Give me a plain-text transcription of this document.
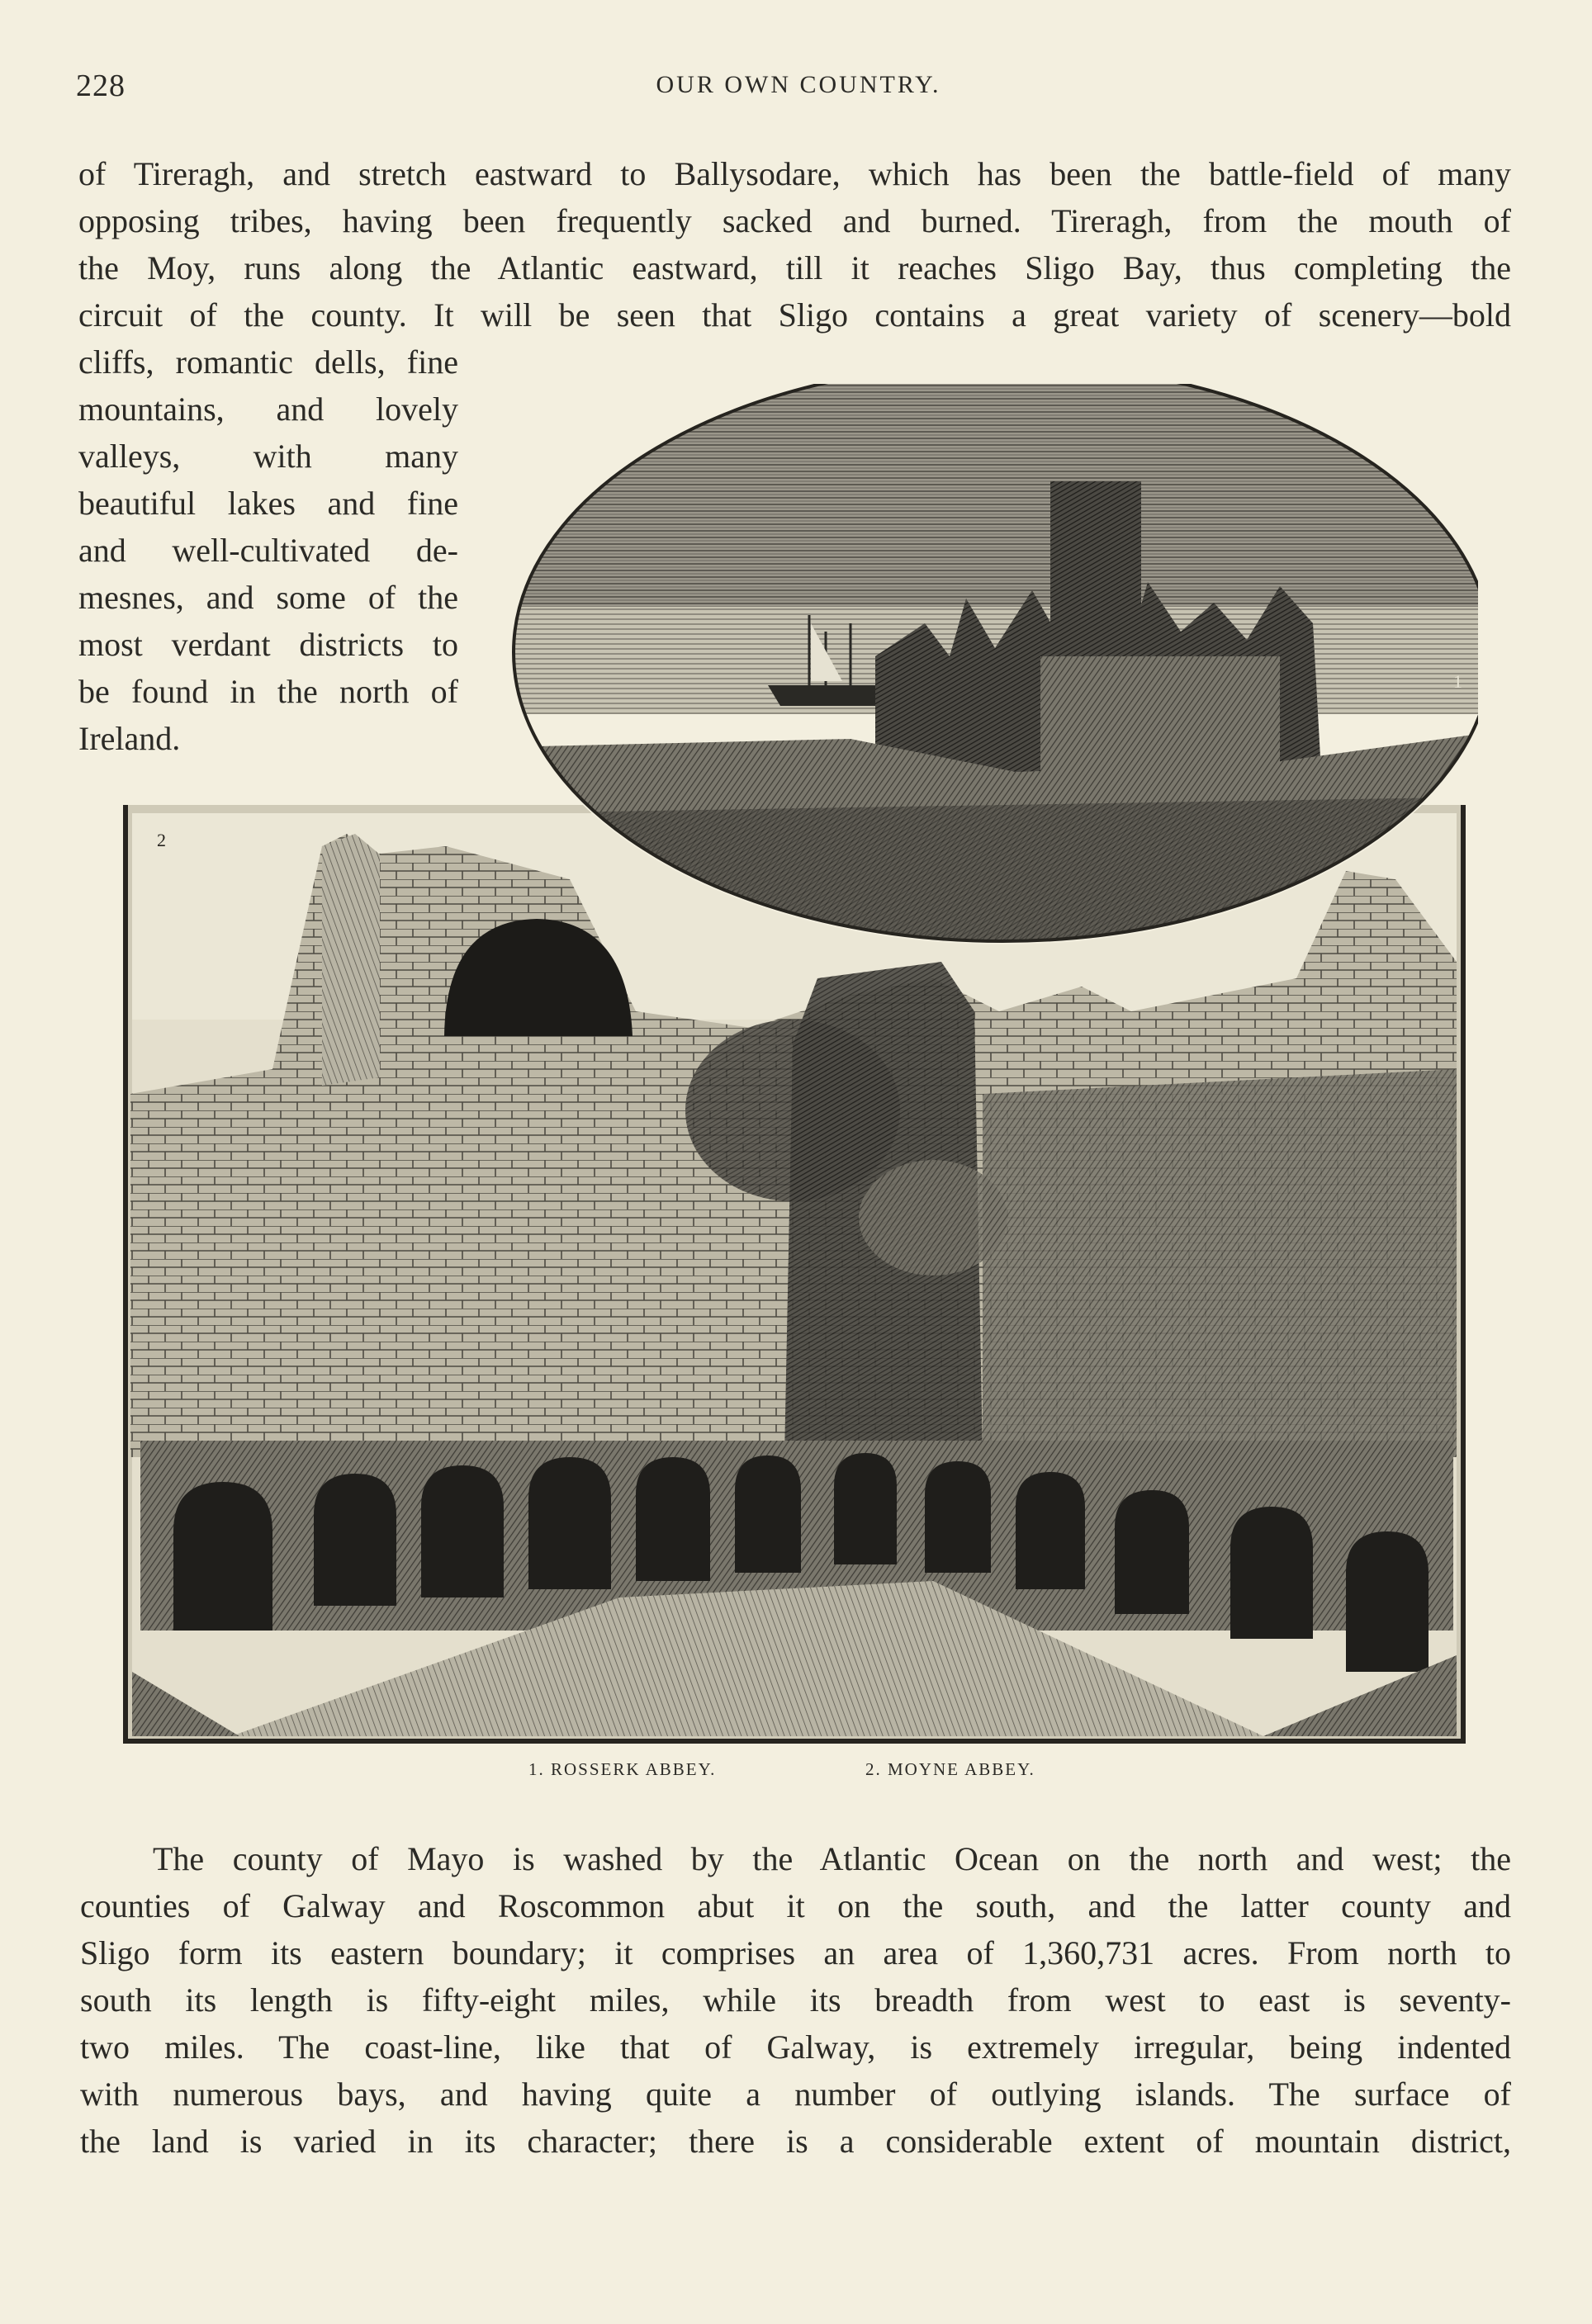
228	OUR OWN COUNTRY.
of Tireragh, and stretch eastward to Ballysodare, which has been the battle-field of many
opposing tribes, having been frequently sacked and burned. Tireragh, from the mouth of
the Moy, runs along the Atlantic eastward, till it reaches Sligo Bay, thus completing the
circuit of the county. It will be seen that Sligo contains a great variety of scenery—bold
cliffs, romantic dells, fine
mountains, and lovely
valleys, with many
beautiful lakes and fine
and well-cultivated de-
mesnes, and some of the
most verdant districts to
be found in the north of
Ireland.
1
2
1. ROSSERK ABBEY.	2. MOYNE ABBEY.
The county of Mayo is washed by the Atlantic Ocean on the north and west; the
counties of Galway and Roscommon abut it on the south, and the latter county and
Sligo form its eastern boundary; it comprises an area of 1,360,731 acres. From north to
south its length is fifty-eight miles, while its breadth from west to east is seventy-
two miles. The coast-line, like that of Galway, is extremely irregular, being indented
with numerous bays, and having quite a number of outlying islands. The surface of
the land is varied in its character; there is a considerable extent of mountain district,
